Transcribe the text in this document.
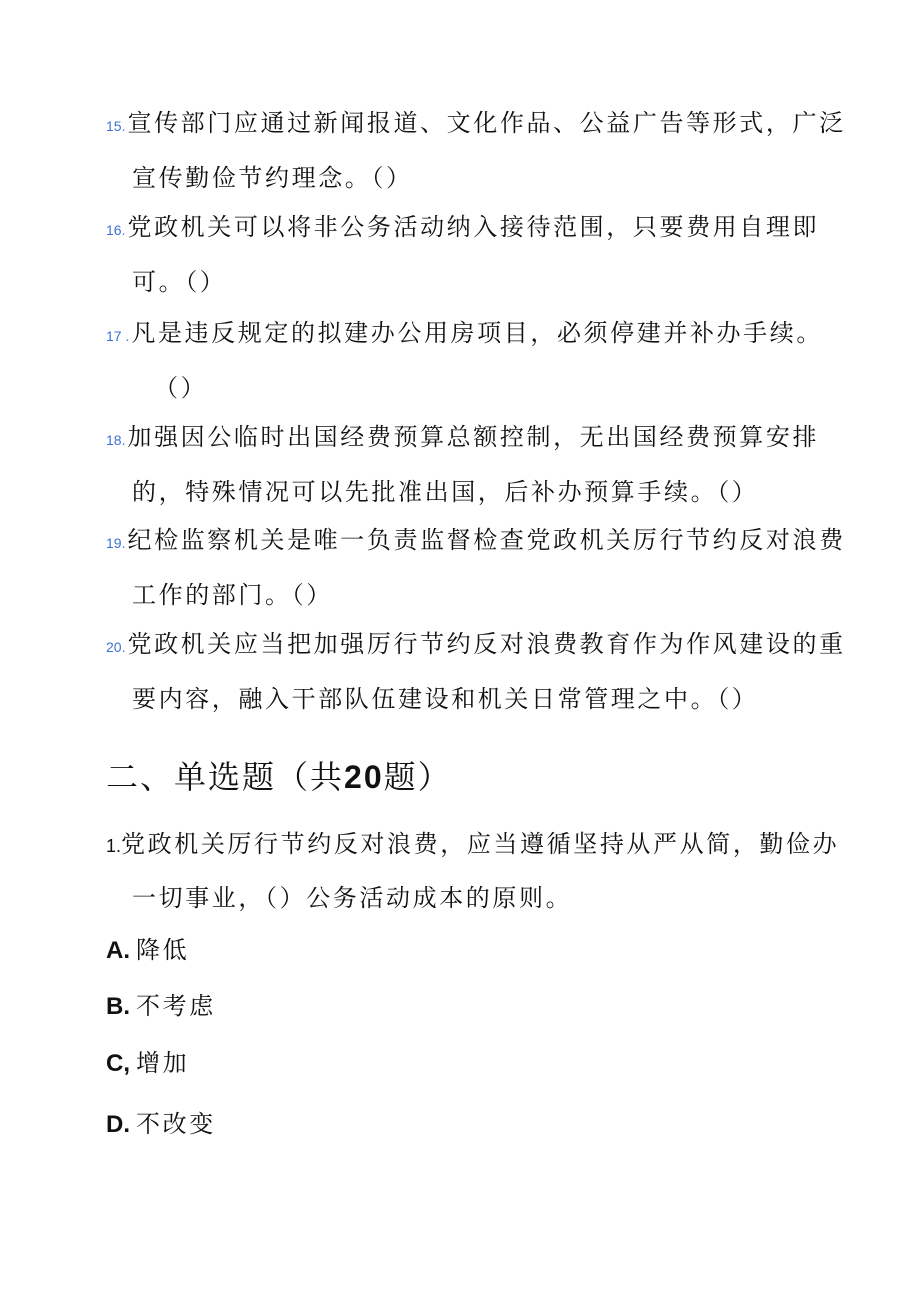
15.宣传部门应通过新闻报道、文化作品、公益广告等形式，广泛
宣传勤俭节约理念。（）
16.党政机关可以将非公务活动纳入接待范围，只要费用自理即
可。（）
17 .凡是违反规定的拟建办公用房项目，必须停建并补办手续。
（）
18.加强因公临时出国经费预算总额控制，无出国经费预算安排
的，特殊情况可以先批准出国，后补办预算手续。（）
19.纪检监察机关是唯一负责监督检查党政机关厉行节约反对浪费
工作的部门。（）
20.党政机关应当把加强厉行节约反对浪费教育作为作风建设的重
要内容，融入干部队伍建设和机关日常管理之中。（）
二、单选题（共20题）
1.党政机关厉行节约反对浪费，应当遵循坚持从严从简，勤俭办
一切事业，（）公务活动成本的原则。
A. 降低
B. 不考虑
C, 增加
D. 不改变
